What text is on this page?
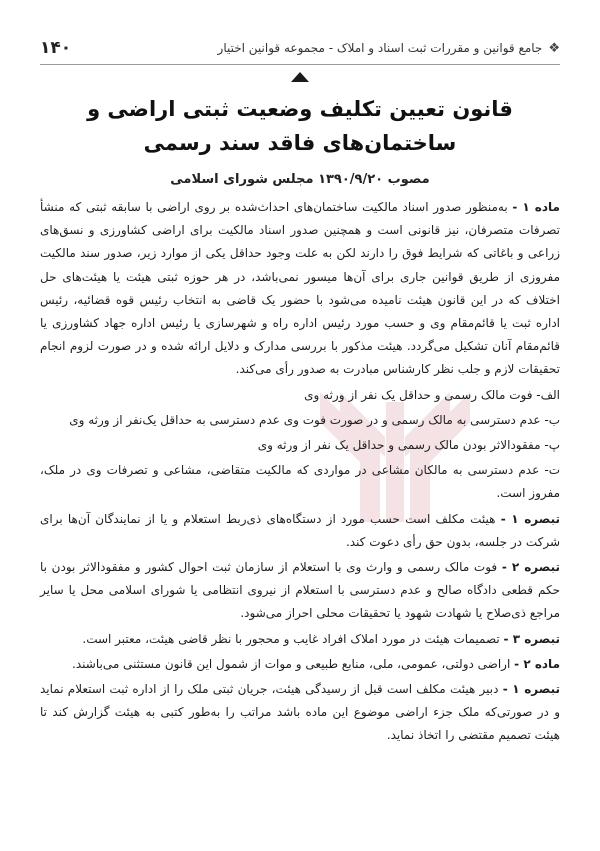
❖
جامع قوانین و مقررات ثبت اسناد و املاک - مجموعه قوانین اختیار
۱۴۰
قانون تعیین تکلیف وضعیت ثبتی اراضی و
ساختمان‌های فاقد سند رسمی
مصوب ۱۳۹۰/۹/۲۰ مجلس شورای اسلامی

ماده ۱ - به‌منظور صدور اسناد مالکیت ساختمان‌های احداث‌شده بر روی اراضی با سابقه ثبتی که منشأ تصرفات متصرفان، نیز قانونی است و همچنین صدور اسناد مالکیت برای اراضی کشاورزی و نسق‌های زراعی و باغاتی که شرایط فوق را دارند لکن به علت وجود حداقل یکی از موارد زیر، صدور سند مالکیت مفروزی از طریق قوانین جاری برای آن‌ها میسور نمی‌باشد، در هر حوزه ثبتی هیئت یا هیئت‌های حل اختلاف که در این قانون هیئت نامیده می‌شود با حضور یک قاضی به انتخاب رئیس قوه قضائیه، رئیس اداره ثبت یا قائم‌مقام وی و حسب مورد رئیس اداره راه و شهرسازی یا رئیس اداره جهاد کشاورزی یا قائم‌مقام آنان تشکیل می‌گردد. هیئت مذکور با بررسی مدارک و دلایل ارائه شده و در صورت لزوم انجام تحقیقات لازم و جلب نظر کارشناس مبادرت به صدور رأی می‌کند.

الف- فوت مالک رسمی و حداقل یک نفر از ورثه وی

ب- عدم دسترسی به مالک رسمی و در صورت فوت وی عدم دسترسی به حداقل یک‌نفر از ورثه وی

پ- مفقودالاثر بودن مالک رسمی و حداقل یک نفر از ورثه وی

ت- عدم دسترسی به مالکان مشاعی در مواردی که مالکیت متقاضی، مشاعی و تصرفات وی در ملک، مفروز است.

تبصره ۱ - هیئت مکلف است حسب مورد از دستگاه‌های ذی‌ربط استعلام و یا از نمایندگان آن‌ها برای شرکت در جلسه، بدون حق رأی دعوت کند.

تبصره ۲ - فوت مالک رسمی و وارث وی با استعلام از سازمان ثبت احوال کشور و مفقودالاثر بودن با حکم قطعی دادگاه صالح و عدم دسترسی با استعلام از نیروی انتظامی یا شورای اسلامی محل یا سایر مراجع ذی‌صلاح یا شهادت شهود یا تحقیقات محلی احراز می‌شود.

تبصره ۳ - تصمیمات هیئت در مورد املاک افراد غایب و محجور با نظر قاضی هیئت، معتبر است.

ماده ۲ - اراضی دولتی، عمومی، ملی، منابع طبیعی و موات از شمول این قانون مستثنی می‌باشند.

تبصره ۱ - دبیر هیئت مکلف است قبل از رسیدگی هیئت، جریان ثبتی ملک را از اداره ثبت استعلام نماید و در صورتی‌که ملک جزء اراضی موضوع این ماده باشد مراتب را به‌طور کتبی به هیئت گزارش کند تا هیئت تصمیم مقتضی را اتخاذ نماید.
